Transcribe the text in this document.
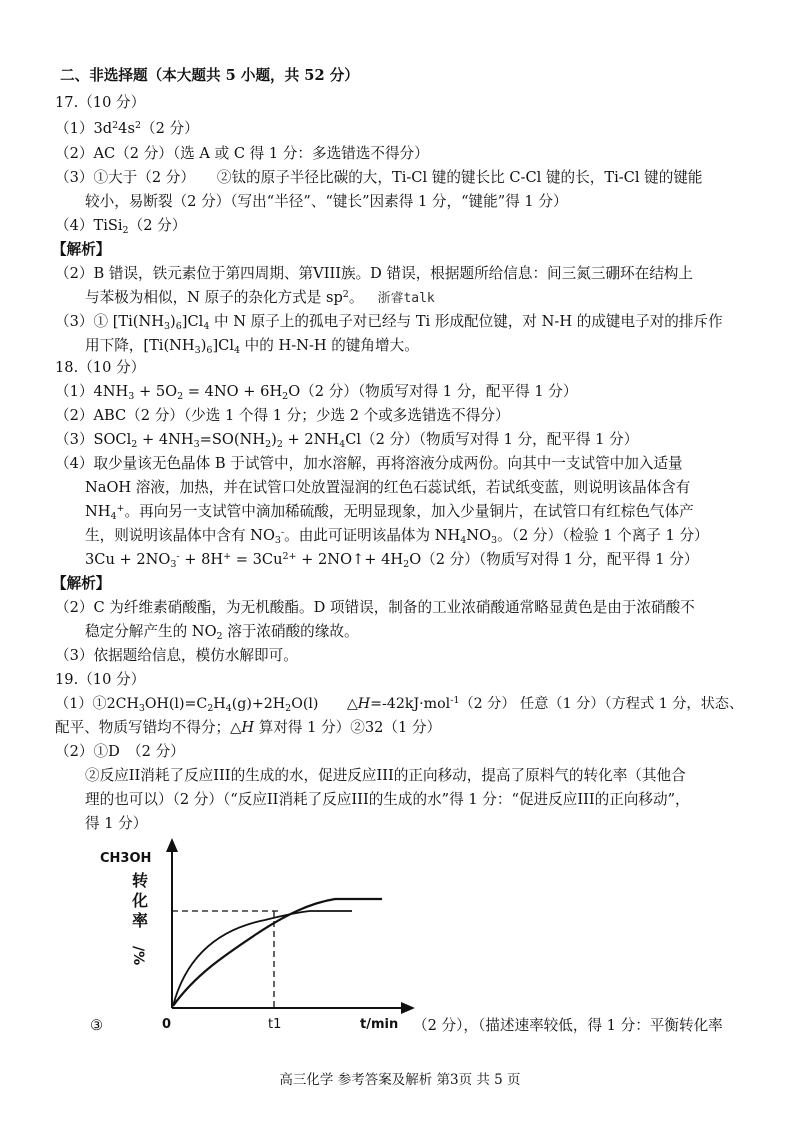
二、非选择题（本大题共 5 小题，共 52 分）
17.（10 分）
$(1)3d^24s^2(2$ 分）
（2）AC（2 分）（选 A 或 C 得 1 分：多选错选不得分）
（3）①大于（2 分）　　②钛的原子半径比碳的大，Ti-Cl 键的键长比 C-Cl 键的长，Ti-Cl 键的键能
较小，易断裂（2 分）（写出“半径”、“键长”因素得 1 分，“键能”得 1 分）
（4）TiSi$_2$（2 分）
【解析】
（2）B 错误，铁元素位于第四周期、第VIII族。D 错误，根据题所给信息：间三氮三硼环在结构上
与苯极为相似，N 原子的杂化方式是 $sp^2$。 浙睿talk
（3）① $[Ti(NH_3)_6]Cl_4$ 中 N 原子上的孤电子对已经与 Ti 形成配位键，对 N-H 的成键电子对的排斥作
用下降，$[Ti(NH_3)_6]Cl_4$ 中的 H-N-H 的键角增大。
18.（10 分）
$(1)4NH_3 + 5O_2 = 4NO + 6H_2O(2$ 分）（物质写对得 1 分，配平得 1 分）
（2）ABC（2 分）（少选 1 个得 1 分；少选 2 个或多选错选不得分）
（3）SOCl$_2$ + $4NH_3=SO(NH_2)_2 + 2NH_4Cl(2$ 分）（物质写对得 1 分，配平得 1 分）
（4）取少量该无色晶体 B 于试管中，加水溶解，再将溶液分成两份。向其中一支试管中加入适量
NaOH 溶液，加热，并在试管口处放置湿润的红色石蕊试纸，若试纸变蓝，则说明该晶体含有
$NH_4^+$。再向另一支试管中滴加稀硫酸，无明显现象，加入少量铜片，在试管口有红棕色气体产
生，则说明该晶体中含有 $NO_3^-$。由此可证明该晶体为 $NH_4NO_3$。（2 分）（检验 1 个离子 1 分）
$3Cu + 2NO_3^- + 8H^+ = 3Cu^{2+}$ + 2NO↑+ $4H_2O(2$ 分）（物质写对得 1 分，配平得 1 分）
【解析】
（2）C 为纤维素硝酸酯，为无机酸酯。D 项错误，制备的工业浓硝酸通常略显黄色是由于浓硝酸不
稳定分解产生的 $NO_2$ 溶于浓硝酸的缘故。
（3）依据题给信息，模仿水解即可。
19.（10 分）
$(1)①2CH_3OH(l)=C_2H_4(g)+2H_2O(l)$　　△H=-42kJ·mol$^{-1}$（2 分） 任意（1 分）（方程式 1 分，状态、
配平、物质写错均不得分；△H 算对得 1 分）②32（1 分）
（2）①D　（2 分）
②反应II消耗了反应III的生成的水，促进反应III的正向移动，提高了原料气的转化率（其他合
理的也可以）（2 分）（“反应II消耗了反应III的生成的水”得 1 分：“促进反应III的正向移动”，
得 1 分）
CH3OH
转
化
率
/%
0	t1	t/min
③	（2 分），（描述速率较低，得 1 分：平衡转化率
高三化学 参考答案及解析 第3页 共 5 页
